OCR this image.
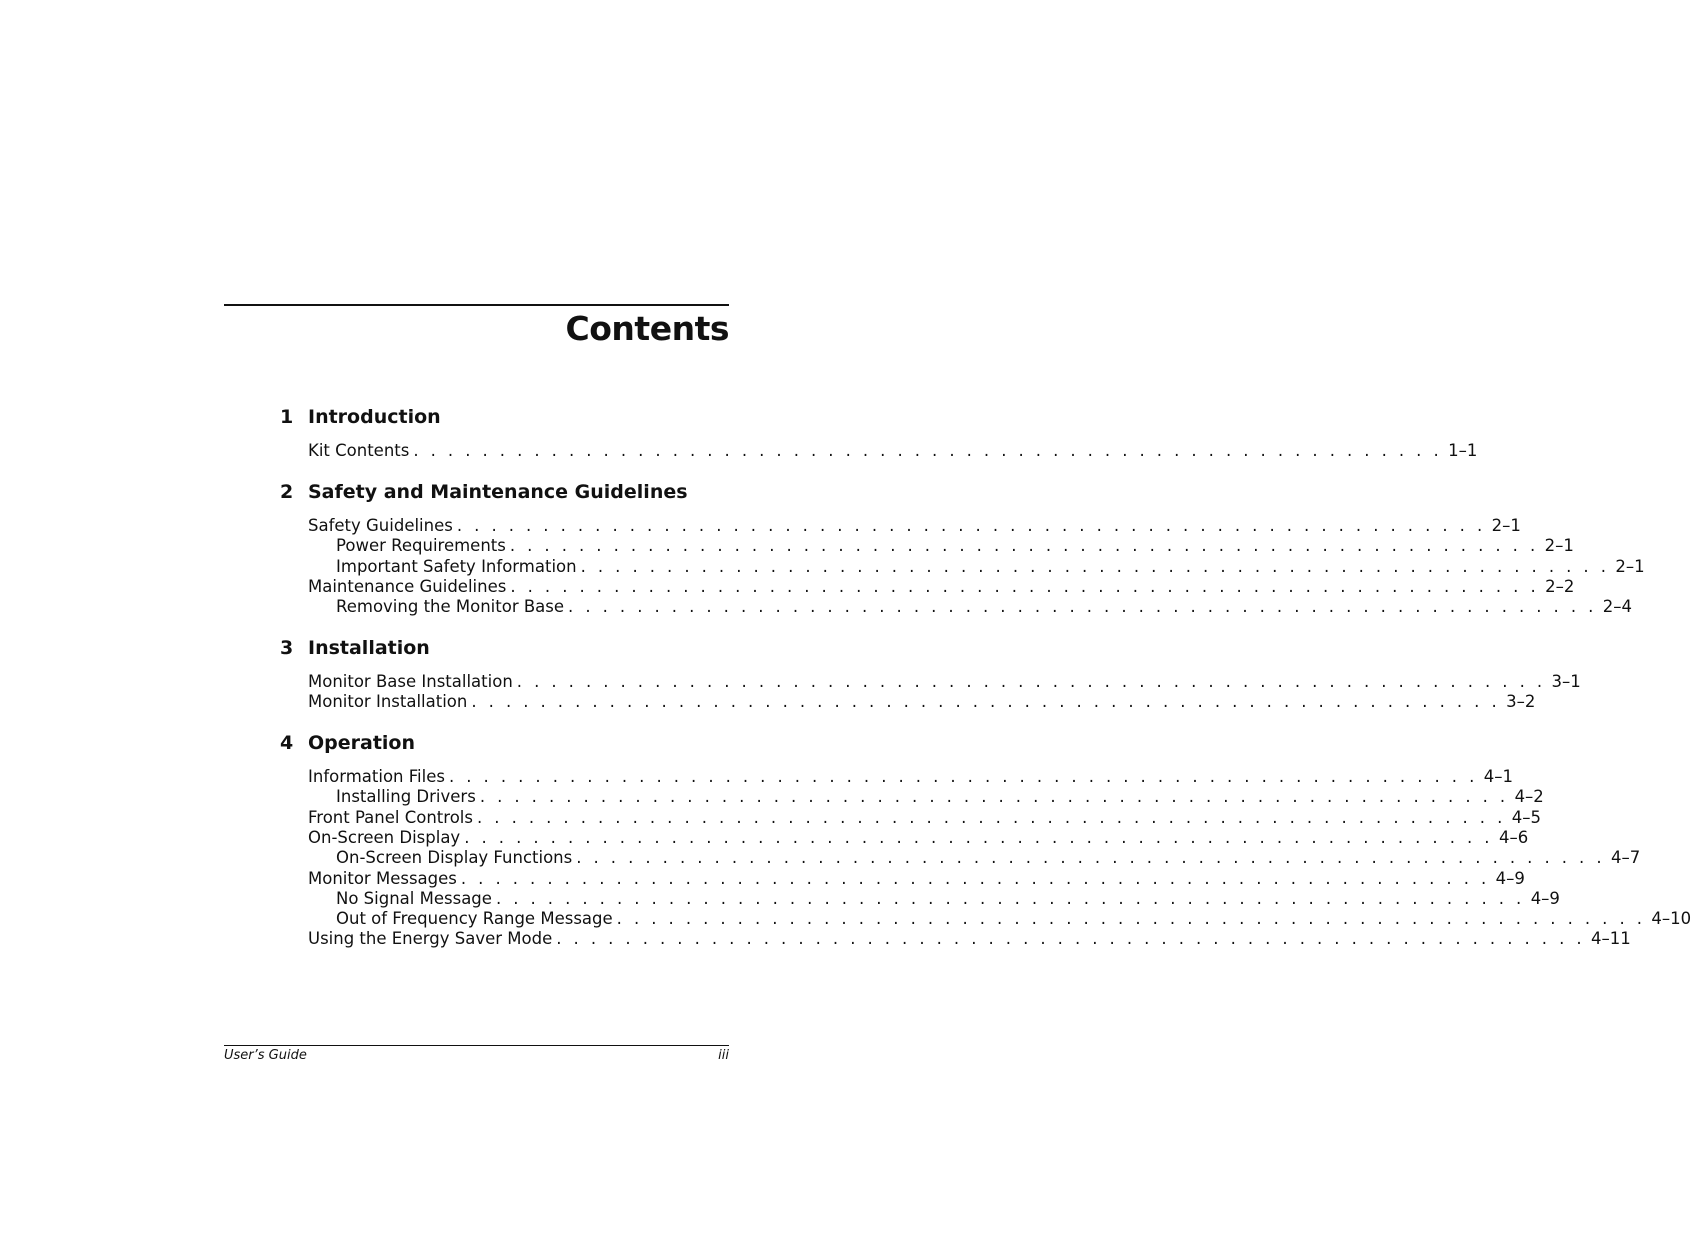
Contents
1 Introduction
Kit Contents . . . . . . . . . . . . . . . . . . . . . . . . . . . . . . . . . . . . . . . . . . . . . . . . . . . . . . . . . . . . 1–1
2 Safety and Maintenance Guidelines
Safety Guidelines . . . . . . . . . . . . . . . . . . . . . . . . . . . . . . . . . . . . . . . . . . . . . . . . . . . . . . . . . . . . 2–1
Power Requirements . . . . . . . . . . . . . . . . . . . . . . . . . . . . . . . . . . . . . . . . . . . . . . . . . . . . . . . . . . . . 2–1
Important Safety Information . . . . . . . . . . . . . . . . . . . . . . . . . . . . . . . . . . . . . . . . . . . . . . . . . . . . . . . . . . . . 2–1
Maintenance Guidelines . . . . . . . . . . . . . . . . . . . . . . . . . . . . . . . . . . . . . . . . . . . . . . . . . . . . . . . . . . . . 2–2
Removing the Monitor Base . . . . . . . . . . . . . . . . . . . . . . . . . . . . . . . . . . . . . . . . . . . . . . . . . . . . . . . . . . . . 2–4
3 Installation
Monitor Base Installation . . . . . . . . . . . . . . . . . . . . . . . . . . . . . . . . . . . . . . . . . . . . . . . . . . . . . . . . . . . . 3–1
Monitor Installation . . . . . . . . . . . . . . . . . . . . . . . . . . . . . . . . . . . . . . . . . . . . . . . . . . . . . . . . . . . . 3–2
4 Operation
Information Files . . . . . . . . . . . . . . . . . . . . . . . . . . . . . . . . . . . . . . . . . . . . . . . . . . . . . . . . . . . . 4–1
Installing Drivers . . . . . . . . . . . . . . . . . . . . . . . . . . . . . . . . . . . . . . . . . . . . . . . . . . . . . . . . . . . . 4–2
Front Panel Controls . . . . . . . . . . . . . . . . . . . . . . . . . . . . . . . . . . . . . . . . . . . . . . . . . . . . . . . . . . . . 4–5
On-Screen Display . . . . . . . . . . . . . . . . . . . . . . . . . . . . . . . . . . . . . . . . . . . . . . . . . . . . . . . . . . . . 4–6
On-Screen Display Functions . . . . . . . . . . . . . . . . . . . . . . . . . . . . . . . . . . . . . . . . . . . . . . . . . . . . . . . . . . . . 4–7
Monitor Messages . . . . . . . . . . . . . . . . . . . . . . . . . . . . . . . . . . . . . . . . . . . . . . . . . . . . . . . . . . . . 4–9
No Signal Message . . . . . . . . . . . . . . . . . . . . . . . . . . . . . . . . . . . . . . . . . . . . . . . . . . . . . . . . . . . . 4–9
Out of Frequency Range Message . . . . . . . . . . . . . . . . . . . . . . . . . . . . . . . . . . . . . . . . . . . . . . . . . . . . . . . . . . . . 4–10
Using the Energy Saver Mode . . . . . . . . . . . . . . . . . . . . . . . . . . . . . . . . . . . . . . . . . . . . . . . . . . . . . . . . . . . . 4–11
User’s Guide	iii
